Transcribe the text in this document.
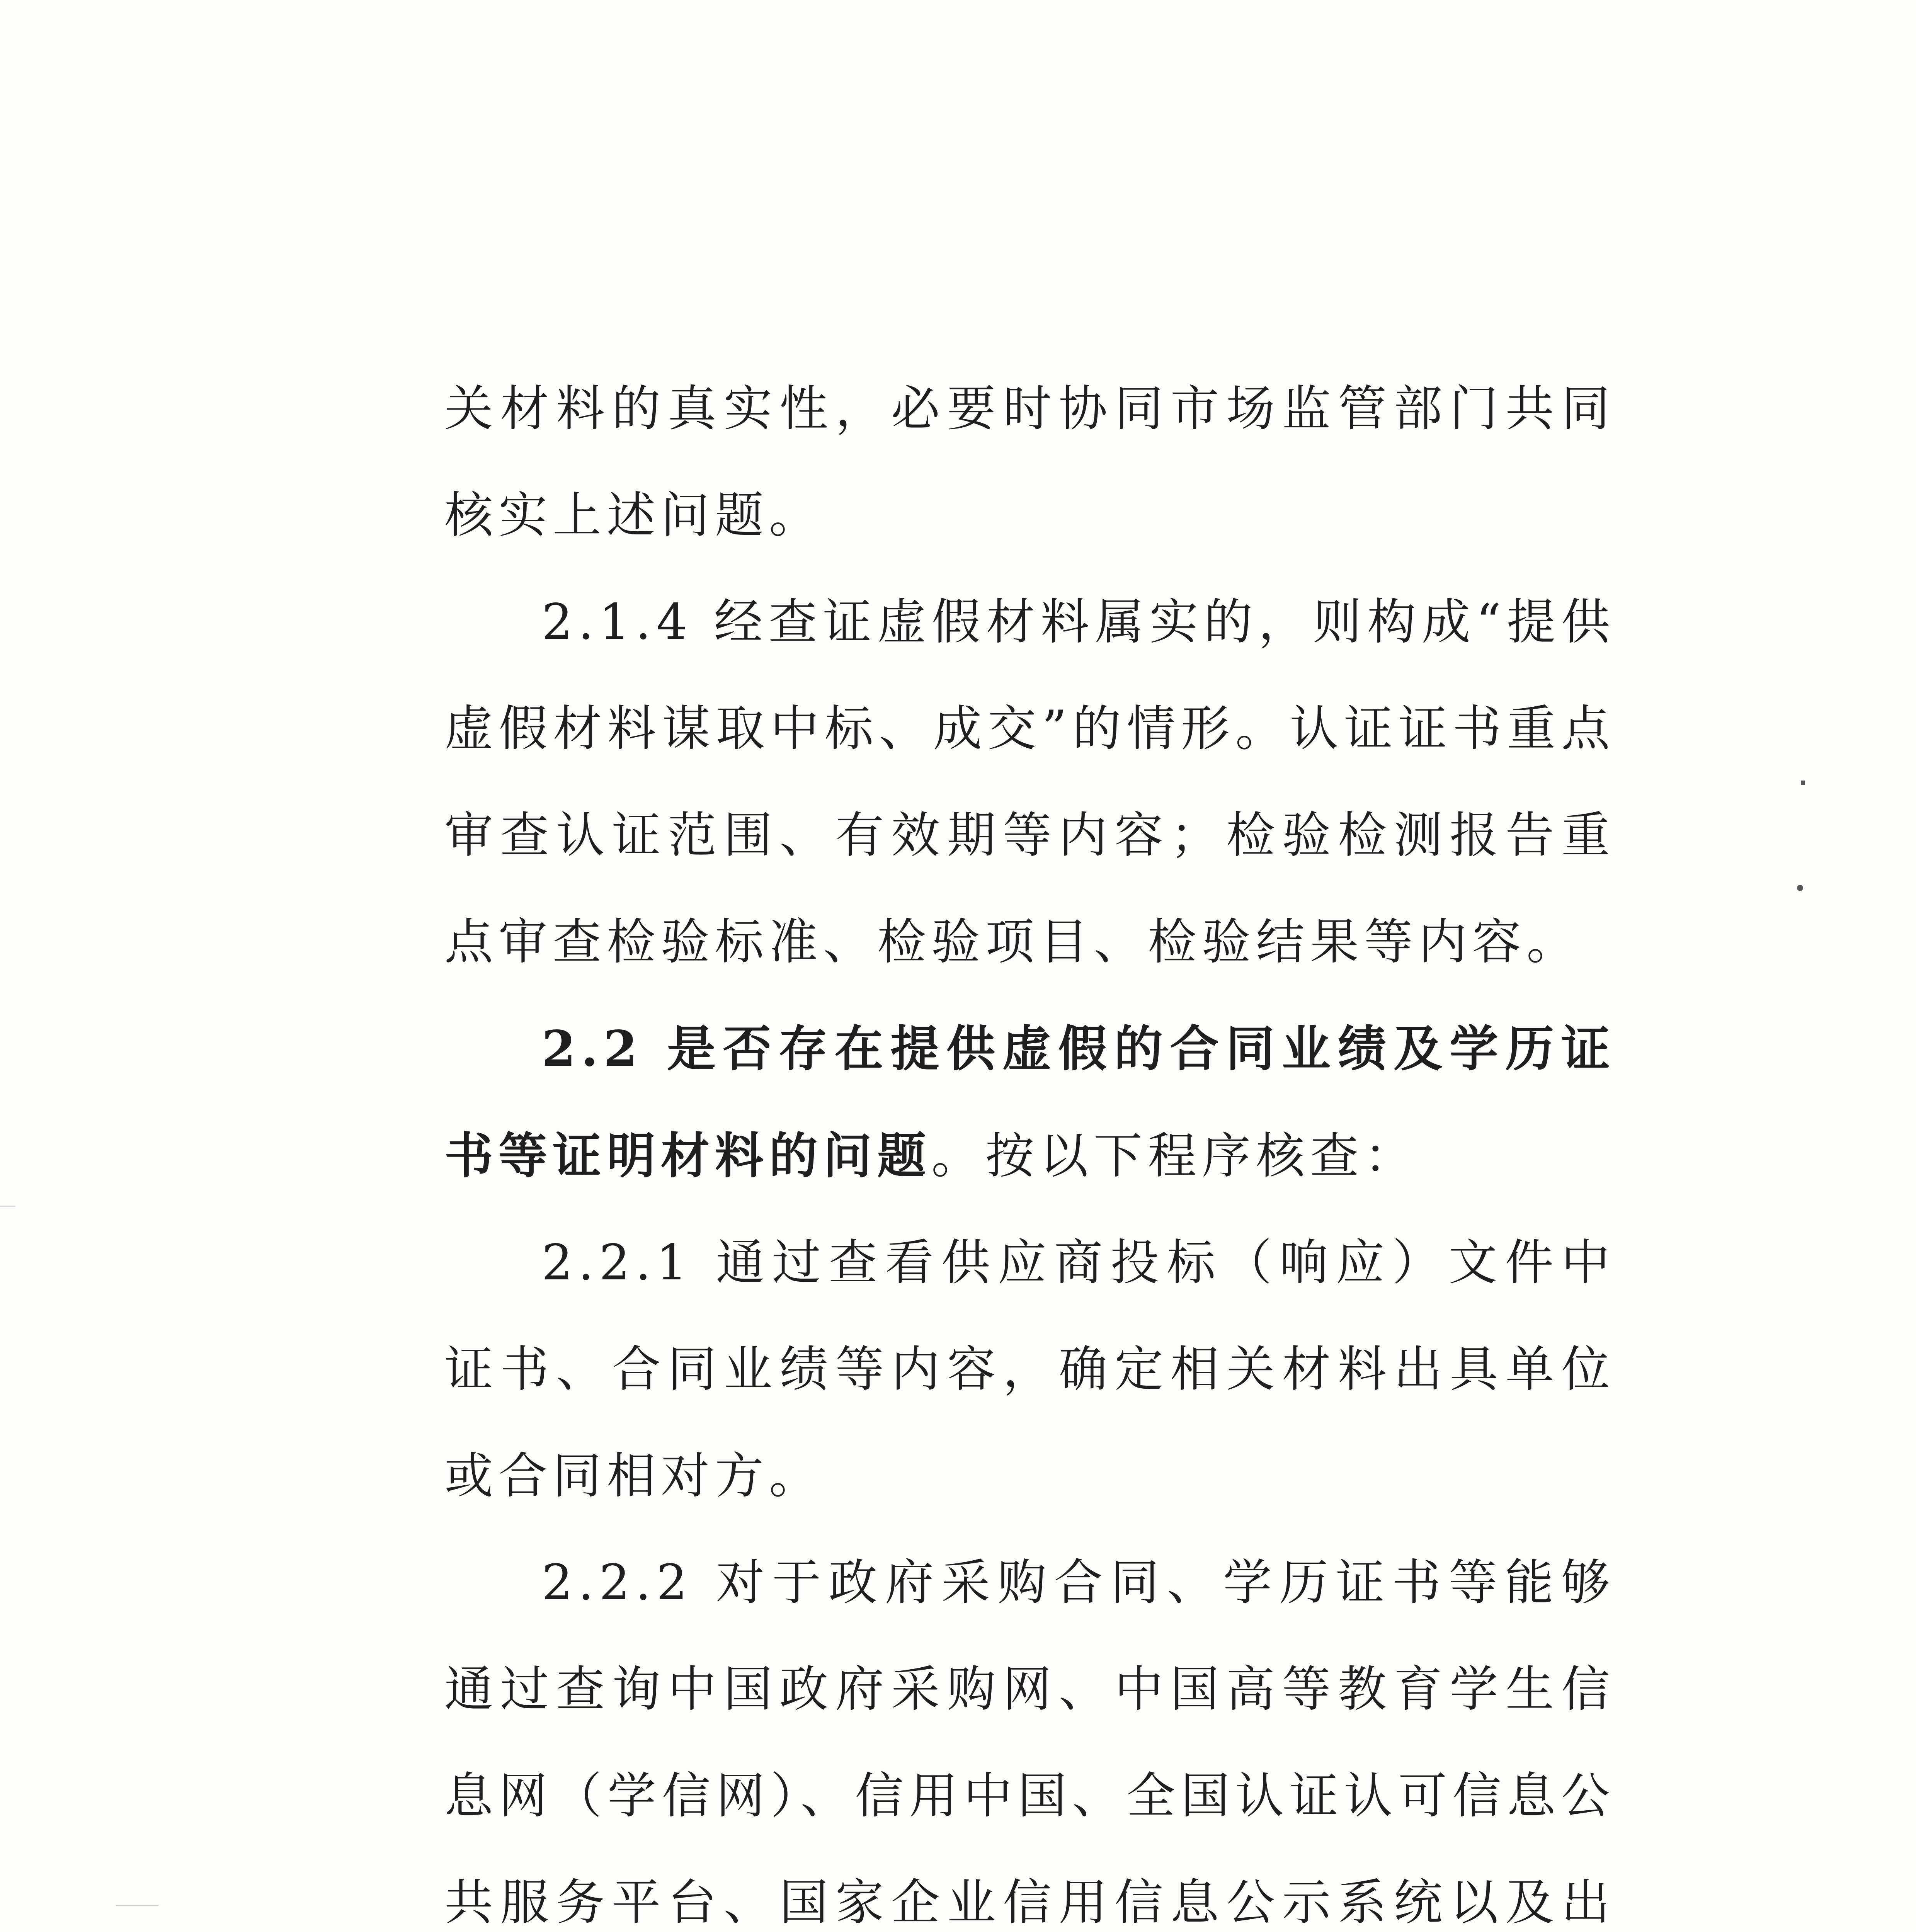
关材料的真实性，必要时协同市场监管部门共同核实上述问题。

2.1.4 经查证虚假材料属实的，则构成“提供虚假材料谋取中标、成交”的情形。认证证书重点审查认证范围、有效期等内容；检验检测报告重点审查检验标准、检验项目、检验结果等内容。

2.2 是否存在提供虚假的合同业绩及学历证书等证明材料的问题。按以下程序核查：

2.2.1 通过查看供应商投标（响应）文件中证书、合同业绩等内容，确定相关材料出具单位或合同相对方。

2.2.2 对于政府采购合同、学历证书等能够通过查询中国政府采购网、中国高等教育学生信息网（学信网）、信用中国、全国认证认可信息公共服务平台、国家企业信用信息公示系统以及出
